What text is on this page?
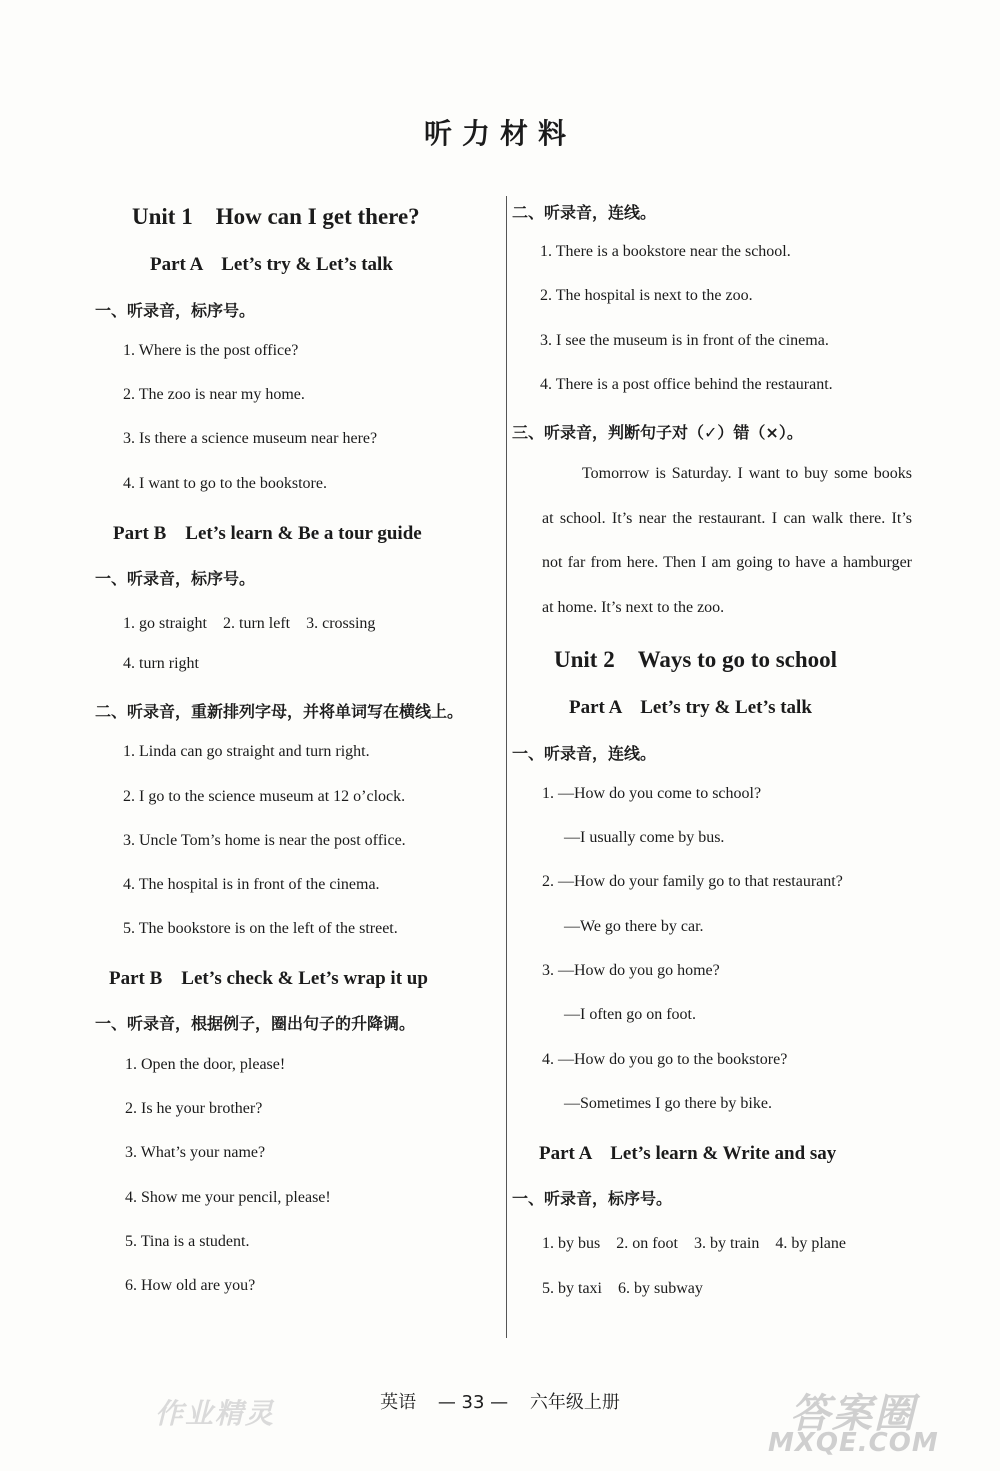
听力材料
Unit 1　How can I get there?
Part A　Let’s try & Let’s talk
一、听录音，标序号。
1. Where is the post office?
2. The zoo is near my home.
3. Is there a science museum near here?
4. I want to go to the bookstore.
Part B　Let’s learn & Be a tour guide
一、听录音，标序号。
1. go straight　2. turn left　3. crossing
4. turn right
二、听录音，重新排列字母，并将单词写在横线上。
1. Linda can go straight and turn right.
2. I go to the science museum at 12 o’clock.
3. Uncle Tom’s home is near the post office.
4. The hospital is in front of the cinema.
5. The bookstore is on the left of the street.
Part B　Let’s check & Let’s wrap it up
一、听录音，根据例子，圈出句子的升降调。
1. Open the door, please!
2. Is he your brother?
3. What’s your name?
4. Show me your pencil, please!
5. Tina is a student.
6. How old are you?
二、听录音，连线。
1. There is a bookstore near the school.
2. The hospital is next to the zoo.
3. I see the museum is in front of the cinema.
4. There is a post office behind the restaurant.
三、听录音，判断句子对（✓）错（×）。
Tomorrow is Saturday. I want to buy some books at school. It’s near the restaurant. I can walk there. It’s not far from here. Then I am going to have a hamburger at home. It’s next to the zoo.
Unit 2　Ways to go to school
Part A　Let’s try & Let’s talk
一、听录音，连线。
1. —How do you come to school?
—I usually come by bus.
2. —How do your family go to that restaurant?
—We go there by car.
3. —How do you go home?
—I often go on foot.
4. —How do you go to the bookstore?
—Sometimes I go there by bike.
Part A　Let’s learn & Write and say
一、听录音，标序号。
1. by bus　2. on foot　3. by train　4. by plane
5. by taxi　6. by subway
英语 — 33 — 六年级上册
作业精灵	答案圈
MXQE.COM
